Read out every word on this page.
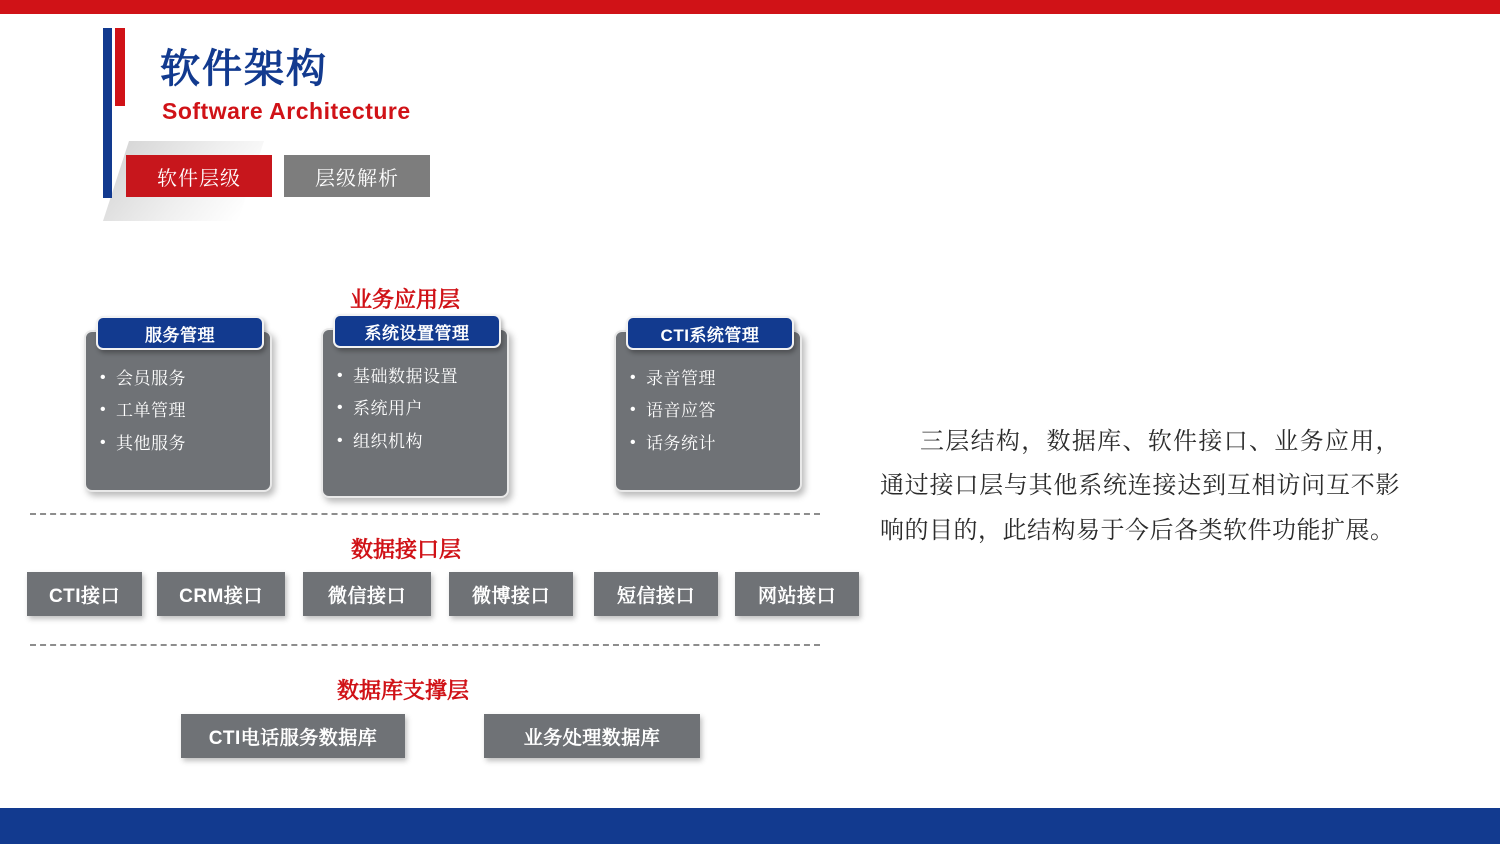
软件架构
Software Architecture
软件层级	层级解析
业务应用层
数据接口层
数据库支撑层
服务管理
• 会员服务
• 工单管理
• 其他服务
系统设置管理
• 基础数据设置
• 系统用户
• 组织机构
CTI系统管理
• 录音管理
• 语音应答
• 话务统计
CTI接口	CRM接口	微信接口	微博接口	短信接口	网站接口
CTI电话服务数据库	业务处理数据库
三层结构，数据库、软件接口、业务应用，通过接口层与其他系统连接达到互相访问互不影响的目的，此结构易于今后各类软件功能扩展。
